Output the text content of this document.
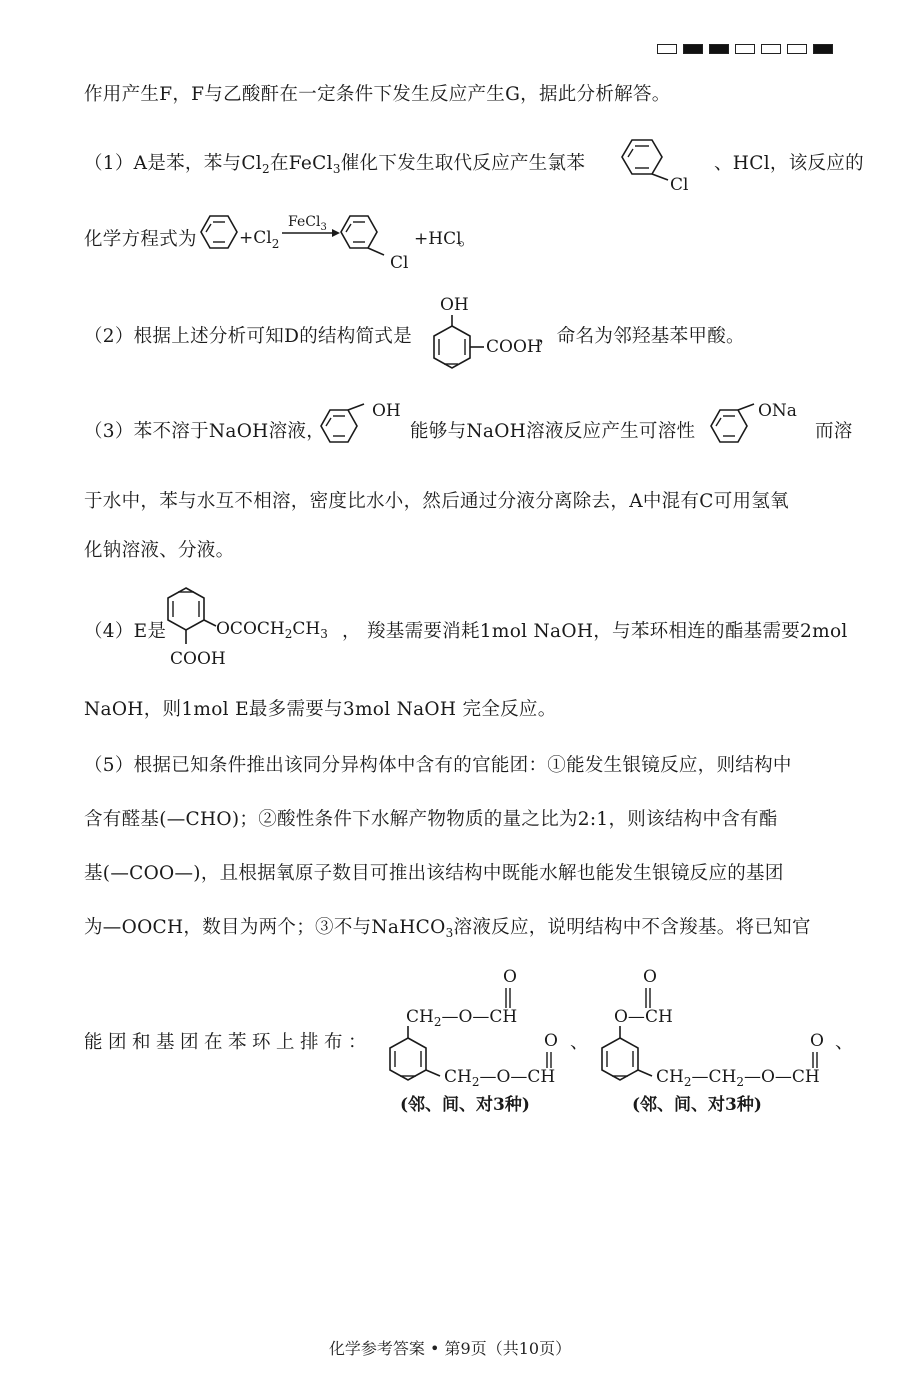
作用产生F，F与乙酸酐在一定条件下发生反应产生G，据此分析解答。
（1）A是苯，苯与$Cl_2$在FeCl$_3$催化下发生取代反应产生氯苯	、HCl，该反应的
Cl
化学方程式为 $+Cl_2$
FeCl$_3$
Cl
+HCl
。
（2）根据上述分析可知D的结构简式是
OH
COOH
，命名为邻羟基苯甲酸。
（3）苯不溶于NaOH溶液，
OH
能够与NaOH溶液反应产生可溶性
ONa
而溶
于水中，苯与水互不相溶，密度比水小，然后通过分液分离除去，A中混有C可用氢氧
化钠溶液、分液。
（4）E是	$OCOCH_2CH_3$
COOH
， 羧基需要消耗1mol NaOH，与苯环相连的酯基需要2mol
NaOH，则1mol E最多需要与3mol NaOH 完全反应。
（5）根据已知条件推出该同分异构体中含有的官能团：①能发生银镜反应，则结构中
含有醛基(—CHO)；②酸性条件下水解产物物质的量之比为2:1，则该结构中含有酯
基(—COO—)，且根据氧原子数目可推出该结构中既能水解也能发生银镜反应的基团
为—OOCH，数目为两个；③不与NaHCO$_3$溶液反应，说明结构中不含羧基。将已知官
能团和基团在苯环上排布：
O
$CH_2—O—CH$
O
$CH_2—O—CH$
(邻、间、对3种)
、
O
O—CH
O
$CH_2—CH_2—O—CH$
(邻、间、对3种)
、
化学参考答案 • 第9页（共10页）
